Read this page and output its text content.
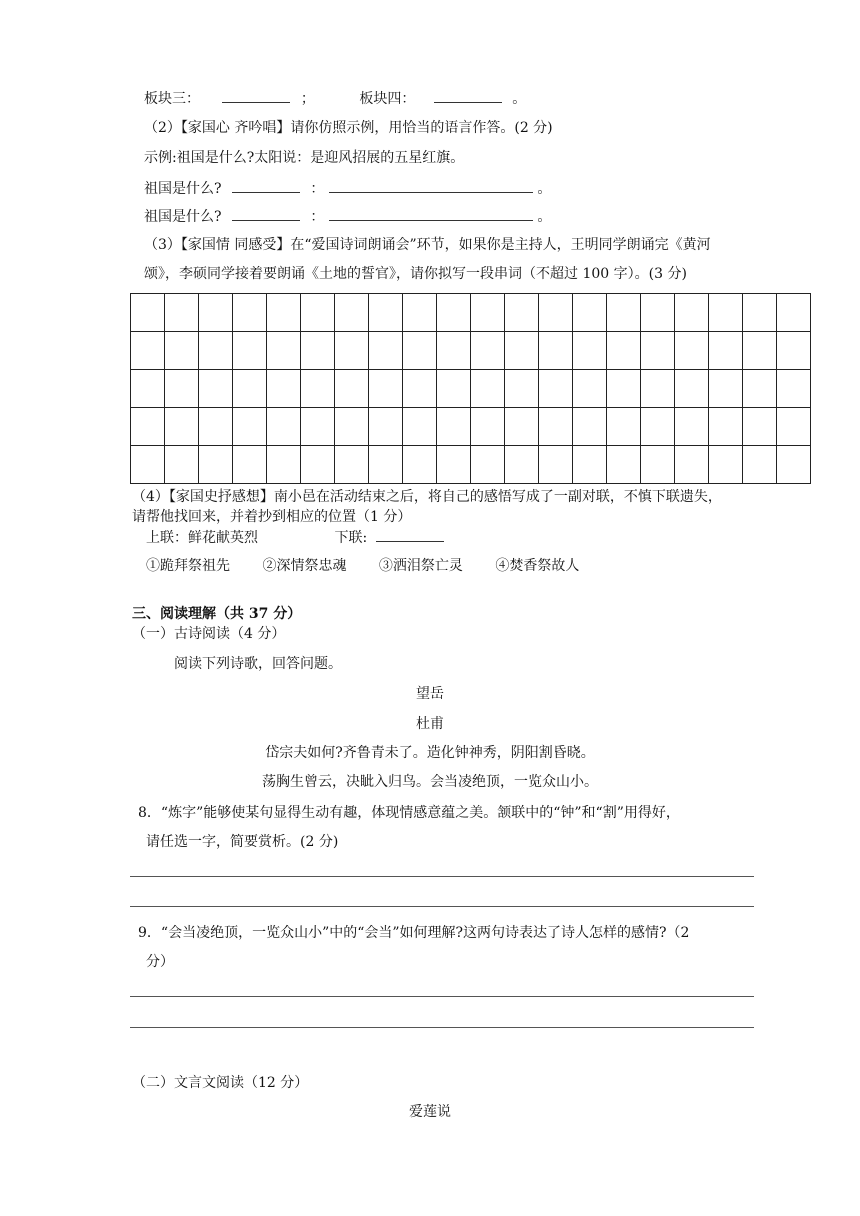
板块三：	；	板块四：	。
（2）【家国心 齐吟唱】请你仿照示例，用恰当的语言作答。(2 分)
示例:祖国是什么?太阳说：是迎风招展的五星红旗。
祖国是什么?	：	。
祖国是什么?	：	。
（3）【家国情 同感受】在“爱国诗词朗诵会”环节，如果你是主持人，王明同学朗诵完《黄河
颂》，李硕同学接着要朗诵《土地的誓官》，请你拟写一段串词（不超过 100 字）。(3 分)

（4）【家国史抒感想】南小邑在活动结束之后，将自己的感悟写成了一副对联，不慎下联遗失，
请帮他找回来，并着抄到相应的位置（1 分）
上联：鲜花献英烈	下联:
①跪拜祭祖先 ②深情祭忠魂 ③洒泪祭亡灵 ④焚香祭故人
三、阅读理解（共 37 分）
（一）古诗阅读（4 分）
阅读下列诗歌，回答问题。
望岳
杜甫
岱宗夫如何?齐鲁青未了。造化钟神秀，阴阳割昏晓。
荡胸生曾云，决眦入归鸟。会当凌绝顶，一览众山小。
8．“炼字”能够使某句显得生动有趣，体现情感意蕴之美。颔联中的“钟”和“割”用得好，
请任选一字，简要赏析。(2 分)
9．“会当凌绝顶，一览众山小”中的“会当”如何理解?这两句诗表达了诗人怎样的感情?（2
分）
（二）文言文阅读（12 分）
爱莲说
